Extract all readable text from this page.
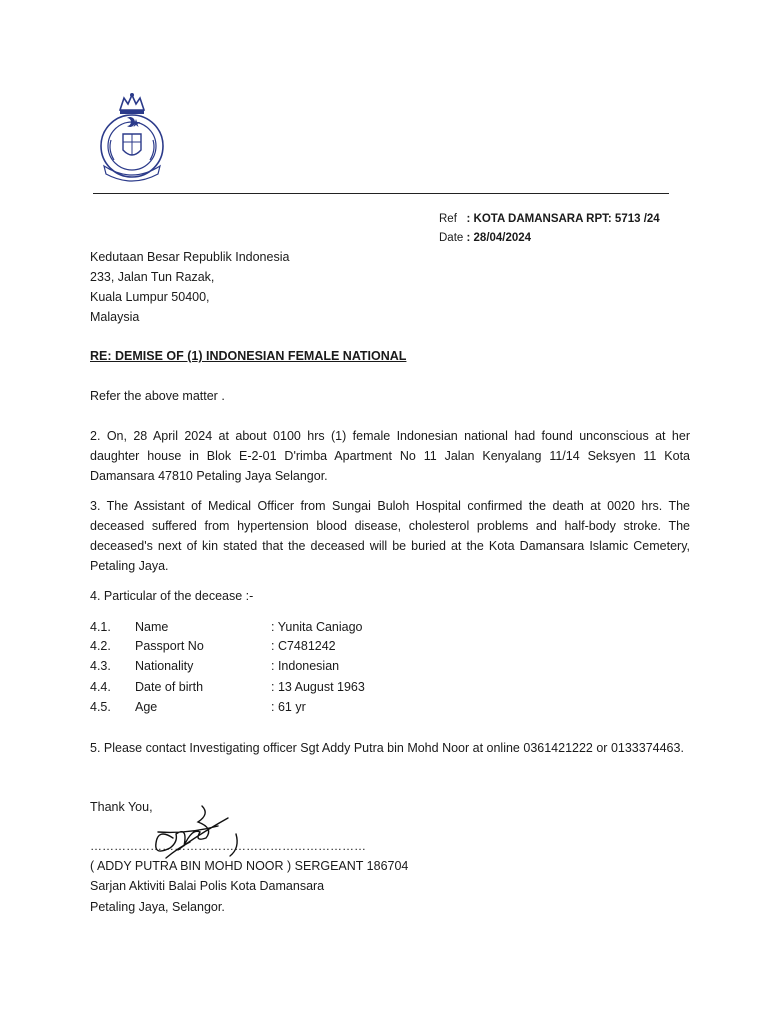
Ref : KOTA DAMANSARA RPT: 5713 /24
Date : 28/04/2024
Kedutaan Besar Republik Indonesia
233, Jalan Tun Razak,
Kuala Lumpur 50400,
Malaysia
RE: DEMISE OF (1) INDONESIAN FEMALE NATIONAL
Refer the above matter .
2. On, 28 April 2024 at about 0100 hrs (1) female Indonesian national had found unconscious at her daughter house in Blok E-2-01 D'rimba Apartment No 11 Jalan Kenyalang 11/14 Seksyen 11 Kota Damansara 47810 Petaling Jaya Selangor.
3. The Assistant of Medical Officer from Sungai Buloh Hospital confirmed the death at 0020 hrs. The deceased suffered from hypertension blood disease, cholesterol problems and half-body stroke. The deceased's next of kin stated that the deceased will be buried at the Kota Damansara Islamic Cemetery, Petaling Jaya.
4. Particular of the decease :-
4.1. Name	: Yunita Caniago
4.2. Passport No	: C7481242
4.3. Nationality	: Indonesian
4.4. Date of birth	: 13 August 1963
4.5. Age	: 61 yr
5. Please contact Investigating officer Sgt Addy Putra bin Mohd Noor at online 0361421222 or 0133374463.
Thank You,
……………………………………………………………
( ADDY PUTRA BIN MOHD NOOR ) SERGEANT 186704
Sarjan Aktiviti Balai Polis Kota Damansara
Petaling Jaya, Selangor.
